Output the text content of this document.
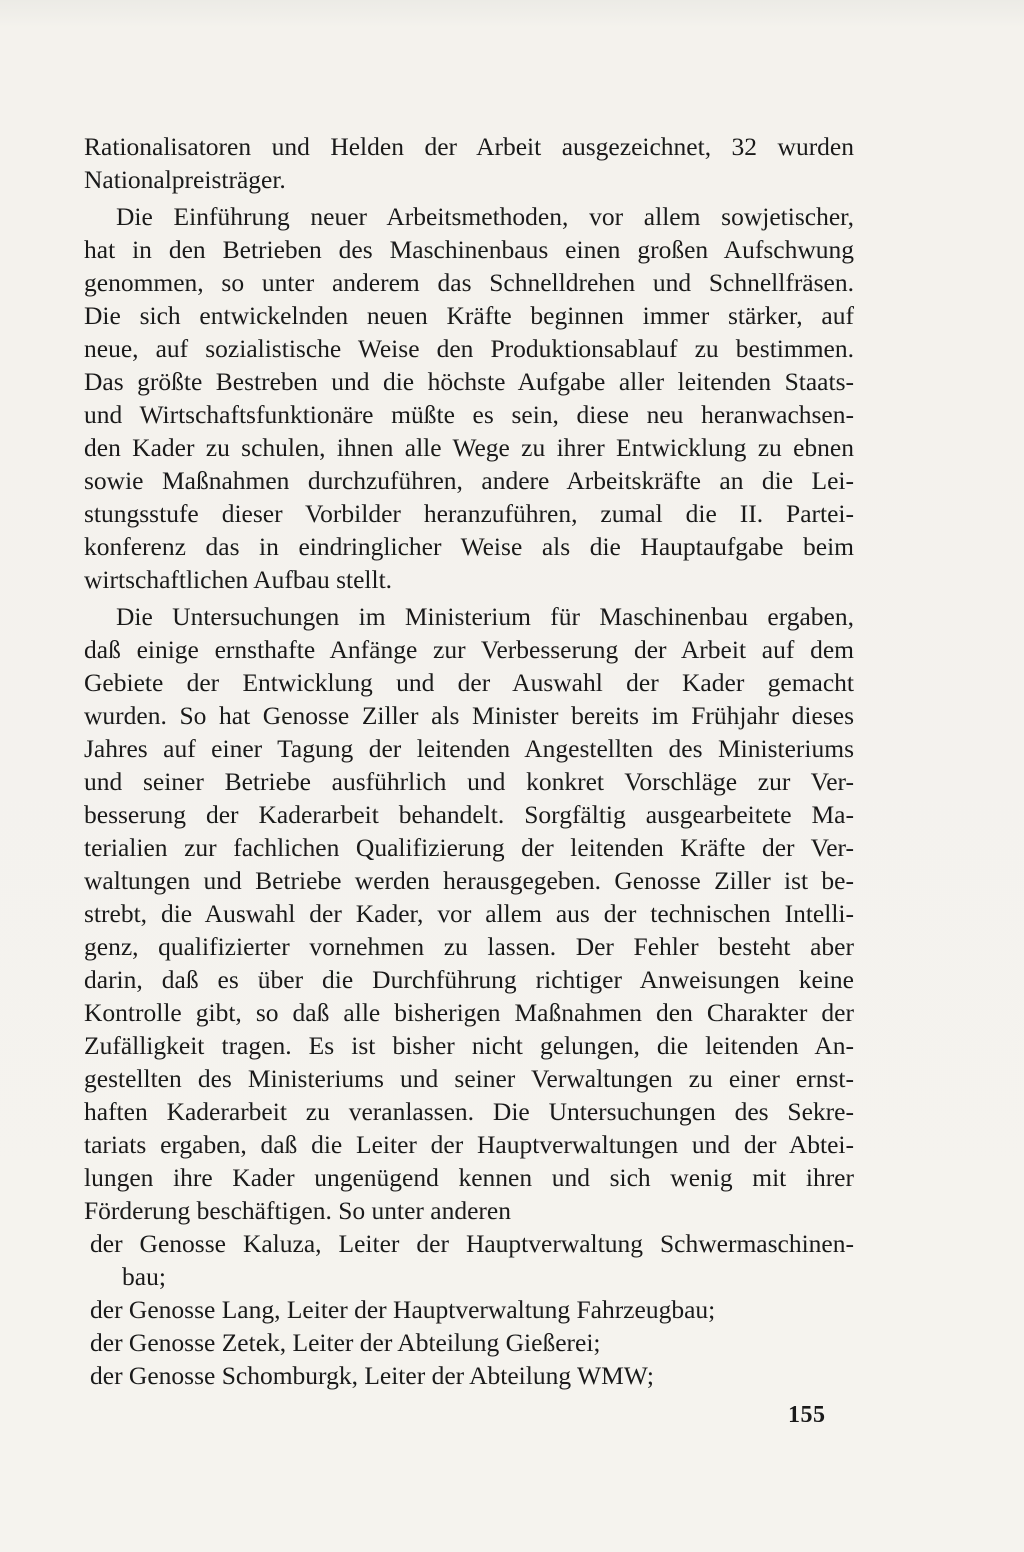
Rationalisatoren und Helden der Arbeit ausgezeichnet, 32 wurden
Nationalpreisträger.
Die Einführung neuer Arbeitsmethoden, vor allem sowjetischer,
hat in den Betrieben des Maschinenbaus einen großen Aufschwung
genommen, so unter anderem das Schnelldrehen und Schnellfräsen.
Die sich entwickelnden neuen Kräfte beginnen immer stärker, auf
neue, auf sozialistische Weise den Produktionsablauf zu bestimmen.
Das größte Bestreben und die höchste Aufgabe aller leitenden Staats-
und Wirtschaftsfunktionäre müßte es sein, diese neu heranwachsen-
den Kader zu schulen, ihnen alle Wege zu ihrer Entwicklung zu ebnen
sowie Maßnahmen durchzuführen, andere Arbeitskräfte an die Lei-
stungsstufe dieser Vorbilder heranzuführen, zumal die II. Partei-
konferenz das in eindringlicher Weise als die Hauptaufgabe beim
wirtschaftlichen Aufbau stellt.
Die Untersuchungen im Ministerium für Maschinenbau ergaben,
daß einige ernsthafte Anfänge zur Verbesserung der Arbeit auf dem
Gebiete der Entwicklung und der Auswahl der Kader gemacht
wurden. So hat Genosse Ziller als Minister bereits im Frühjahr dieses
Jahres auf einer Tagung der leitenden Angestellten des Ministeriums
und seiner Betriebe ausführlich und konkret Vorschläge zur Ver-
besserung der Kaderarbeit behandelt. Sorgfältig ausgearbeitete Ma-
terialien zur fachlichen Qualifizierung der leitenden Kräfte der Ver-
waltungen und Betriebe werden herausgegeben. Genosse Ziller ist be-
strebt, die Auswahl der Kader, vor allem aus der technischen Intelli-
genz, qualifizierter vornehmen zu lassen. Der Fehler besteht aber
darin, daß es über die Durchführung richtiger Anweisungen keine
Kontrolle gibt, so daß alle bisherigen Maßnahmen den Charakter der
Zufälligkeit tragen. Es ist bisher nicht gelungen, die leitenden An-
gestellten des Ministeriums und seiner Verwaltungen zu einer ernst-
haften Kaderarbeit zu veranlassen. Die Untersuchungen des Sekre-
tariats ergaben, daß die Leiter der Hauptverwaltungen und der Abtei-
lungen ihre Kader ungenügend kennen und sich wenig mit ihrer
Förderung beschäftigen. So unter anderen
der Genosse Kaluza, Leiter der Hauptverwaltung Schwermaschinen-
bau;
der Genosse Lang, Leiter der Hauptverwaltung Fahrzeugbau;
der Genosse Zetek, Leiter der Abteilung Gießerei;
der Genosse Schomburgk, Leiter der Abteilung WMW;
155
